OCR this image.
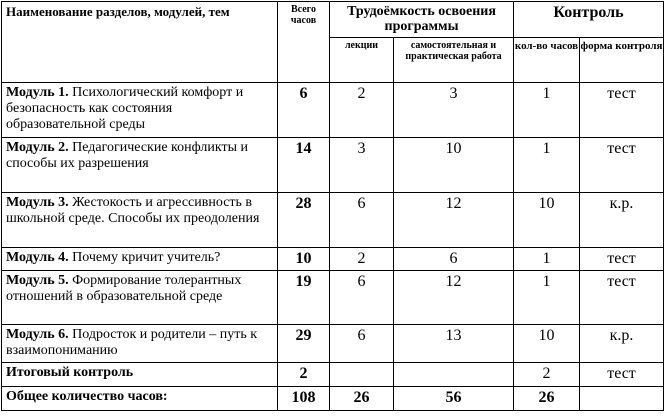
Наименование разделов, модулей, тем	Всего часов	Трудоёмкость освоения программы		Контроль	
		лекции	самостоятельная и практическая работа	кол-во часов	форма контроля
Модуль 1. Психологический комфорт и безопасность как состояния образовательной среды	6	2	3	1	тест
Модуль 2. Педагогические конфликты и способы их разрешения	14	3	10	1	тест
Модуль 3. Жестокость и агрессивность в школьной среде. Способы их преодоления	28	6	12	10	к.р.
Модуль 4. Почему кричит учитель?	10	2	6	1	тест
Модуль 5. Формирование толерантных отношений в образовательной среде	19	6	12	1	тест
Модуль 6. Подросток и родители – путь к взаимопониманию	29	6	13	10	к.р.
Итоговый контроль	2			2	тест
Общее количество часов:	108	26	56	26	
